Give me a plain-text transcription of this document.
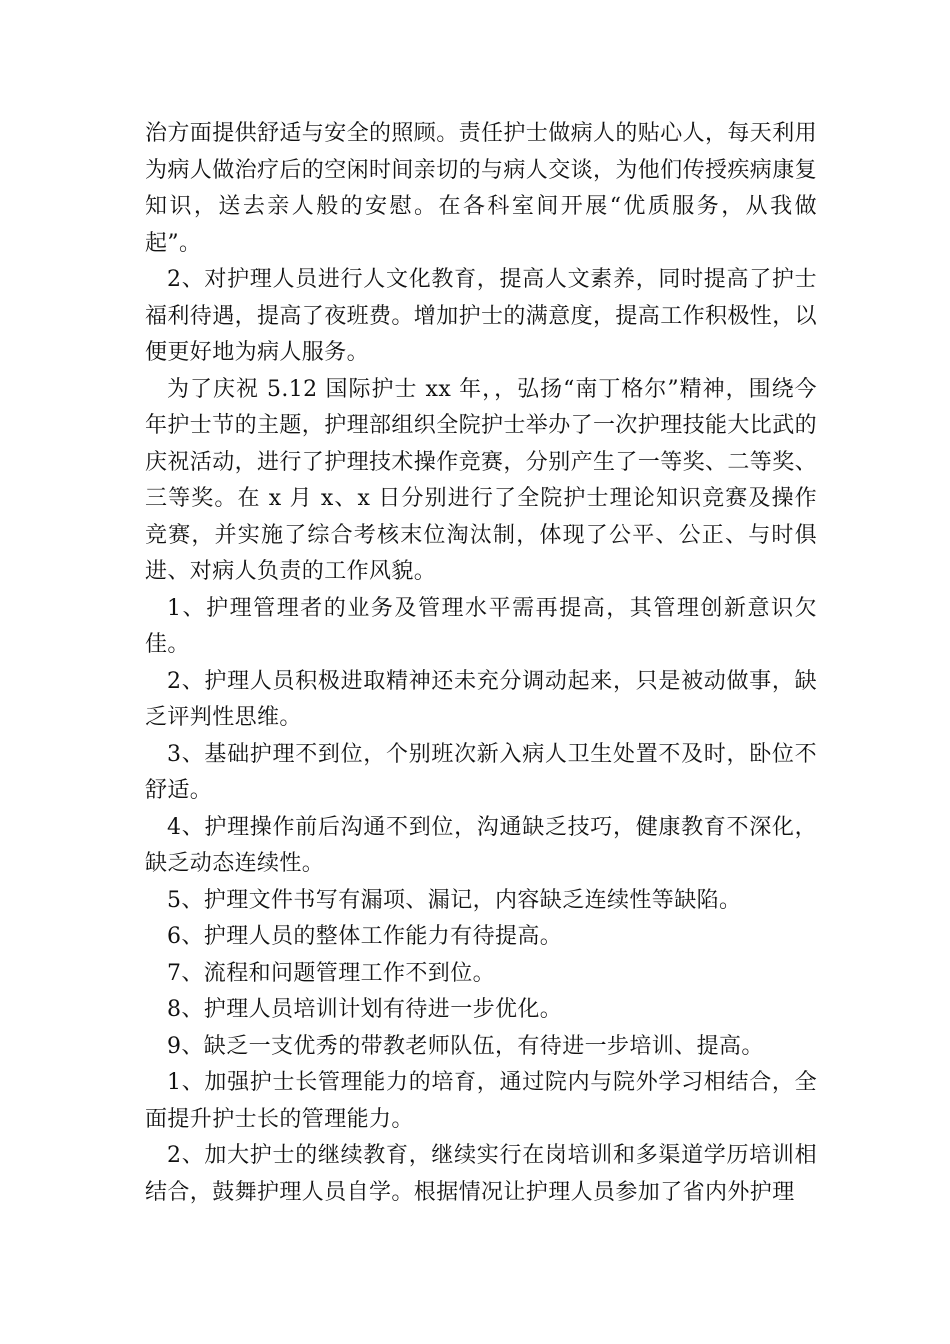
治方面提供舒适与安全的照顾。责任护士做病人的贴心人，每天利用为病人做治疗后的空闲时间亲切的与病人交谈，为他们传授疾病康复知识，送去亲人般的安慰。在各科室间开展“优质服务，从我做起”。

2、对护理人员进行人文化教育，提高人文素养，同时提高了护士福利待遇，提高了夜班费。增加护士的满意度，提高工作积极性，以便更好地为病人服务。

为了庆祝 5.12 国际护士 xx 年，，弘扬“南丁格尔”精神，围绕今年护士节的主题，护理部组织全院护士举办了一次护理技能大比武的庆祝活动，进行了护理技术操作竞赛，分别产生了一等奖、二等奖、三等奖。在 x 月 x、x 日分别进行了全院护士理论知识竞赛及操作竞赛，并实施了综合考核末位淘汰制，体现了公平、公正、与时俱进、对病人负责的工作风貌。

1、护理管理者的业务及管理水平需再提高，其管理创新意识欠佳。

2、护理人员积极进取精神还未充分调动起来，只是被动做事，缺乏评判性思维。

3、基础护理不到位，个别班次新入病人卫生处置不及时，卧位不舒适。

4、护理操作前后沟通不到位，沟通缺乏技巧，健康教育不深化，缺乏动态连续性。

5、护理文件书写有漏项、漏记，内容缺乏连续性等缺陷。

6、护理人员的整体工作能力有待提高。

7、流程和问题管理工作不到位。

8、护理人员培训计划有待进一步优化。

9、缺乏一支优秀的带教老师队伍，有待进一步培训、提高。

1、加强护士长管理能力的培育，通过院内与院外学习相结合，全面提升护士长的管理能力。

2、加大护士的继续教育，继续实行在岗培训和多渠道学历培训相结合，鼓舞护理人员自学。根据情况让护理人员参加了省内外护理
